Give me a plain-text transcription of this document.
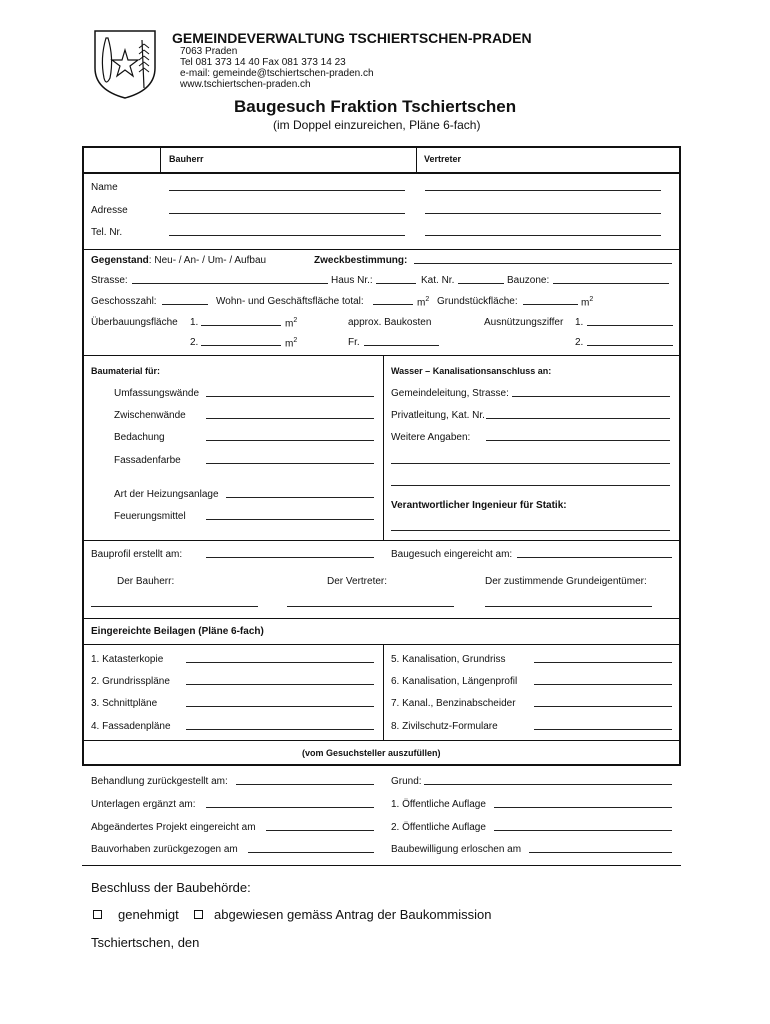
GEMEINDEVERWALTUNG TSCHIERTSCHEN-PRADEN
7063 Praden
Tel 081 373 14 40 Fax 081 373 14 23
e-mail: gemeinde@tschiertschen-praden.ch
www.tschiertschen-praden.ch
Baugesuch Fraktion Tschiertschen
(im Doppel einzureichen, Pläne 6-fach)
Bauherr	Vertreter
Name
Adresse
Tel. Nr.
Gegenstand: Neu- / An- / Um- / Aufbau	Zweckbestimmung:
Strasse:	Haus Nr.:	Kat. Nr.	Bauzone:
Geschosszahl:	Wohn- und Geschäftsfläche total:	$m^2$ Grundstückfläche:	$m^2$
Überbauungsfläche 1.	$m^2$	approx. Baukosten	Ausnützungsziffer 1.
2.	$m^2$	Fr.	2.
Baumaterial für:	Wasser – Kanalisationsanschluss an:
Umfassungswände
Zwischenwände
Bedachung
Fassadenfarbe
Art der Heizungsanlage
Feuerungsmittel
Gemeindeleitung, Strasse:
Privatleitung, Kat. Nr.
Weitere Angaben:
Verantwortlicher Ingenieur für Statik:
Bauprofil erstellt am:	Baugesuch eingereicht am:
Der Bauherr:	Der Vertreter:	Der zustimmende Grundeigentümer:
Eingereichte Beilagen (Pläne 6-fach)
1. Katasterkopie
2. Grundrisspläne
3. Schnittpläne
4. Fassadenpläne
5. Kanalisation, Grundriss
6. Kanalisation, Längenprofil
7. Kanal., Benzinabscheider
8. Zivilschutz-Formulare
(vom Gesuchsteller auszufüllen)
Behandlung zurückgestellt am:	Grund:
Unterlagen ergänzt am:	1. Öffentliche Auflage
Abgeändertes Projekt eingereicht am	2. Öffentliche Auflage
Bauvorhaben zurückgezogen am	Baubewilligung erloschen am
Beschluss der Baubehörde:
genehmigt	abgewiesen gemäss Antrag der Baukommission
Tschiertschen, den
